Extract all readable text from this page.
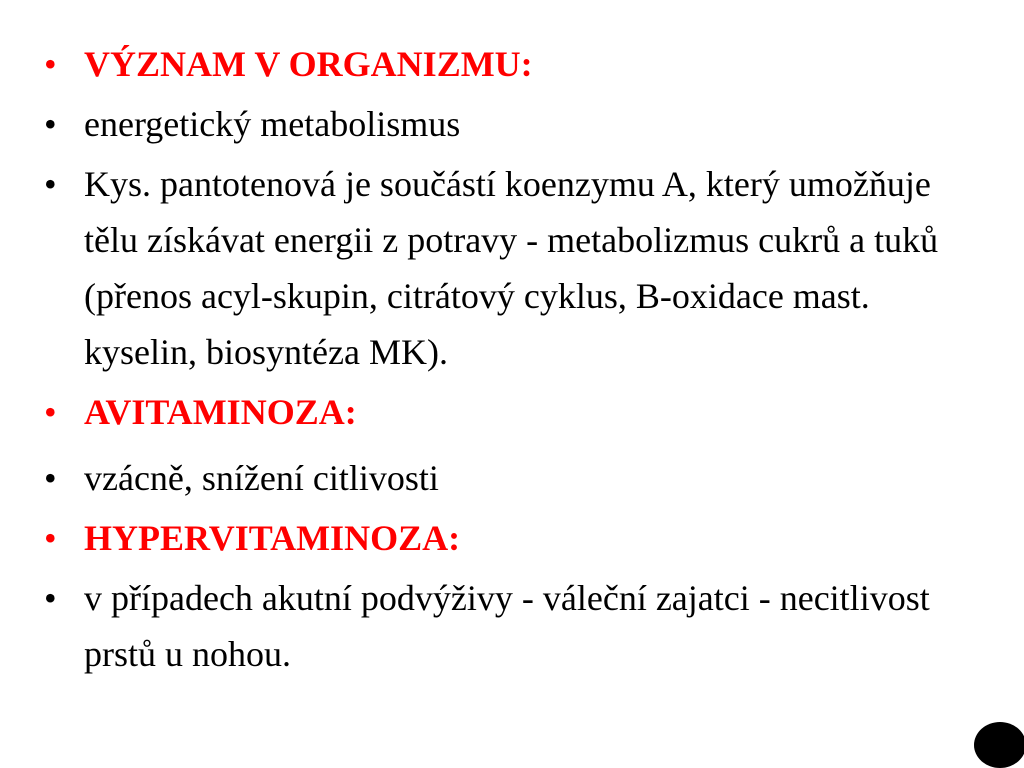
• VÝZNAM V ORGANIZMU:
• energetický metabolismus
• Kys. pantotenová je součástí koenzymu A, který umožňuje tělu získávat energii z potravy - metabolizmus cukrů a tuků (přenos acyl-skupin, citrátový cyklus, B-oxidace mast. kyselin, biosyntéza MK).
• AVITAMINOZA:
• vzácně, snížení citlivosti
• HYPERVITAMINOZA:
• v případech akutní podvýživy - váleční zajatci - necitlivost prstů u nohou.
